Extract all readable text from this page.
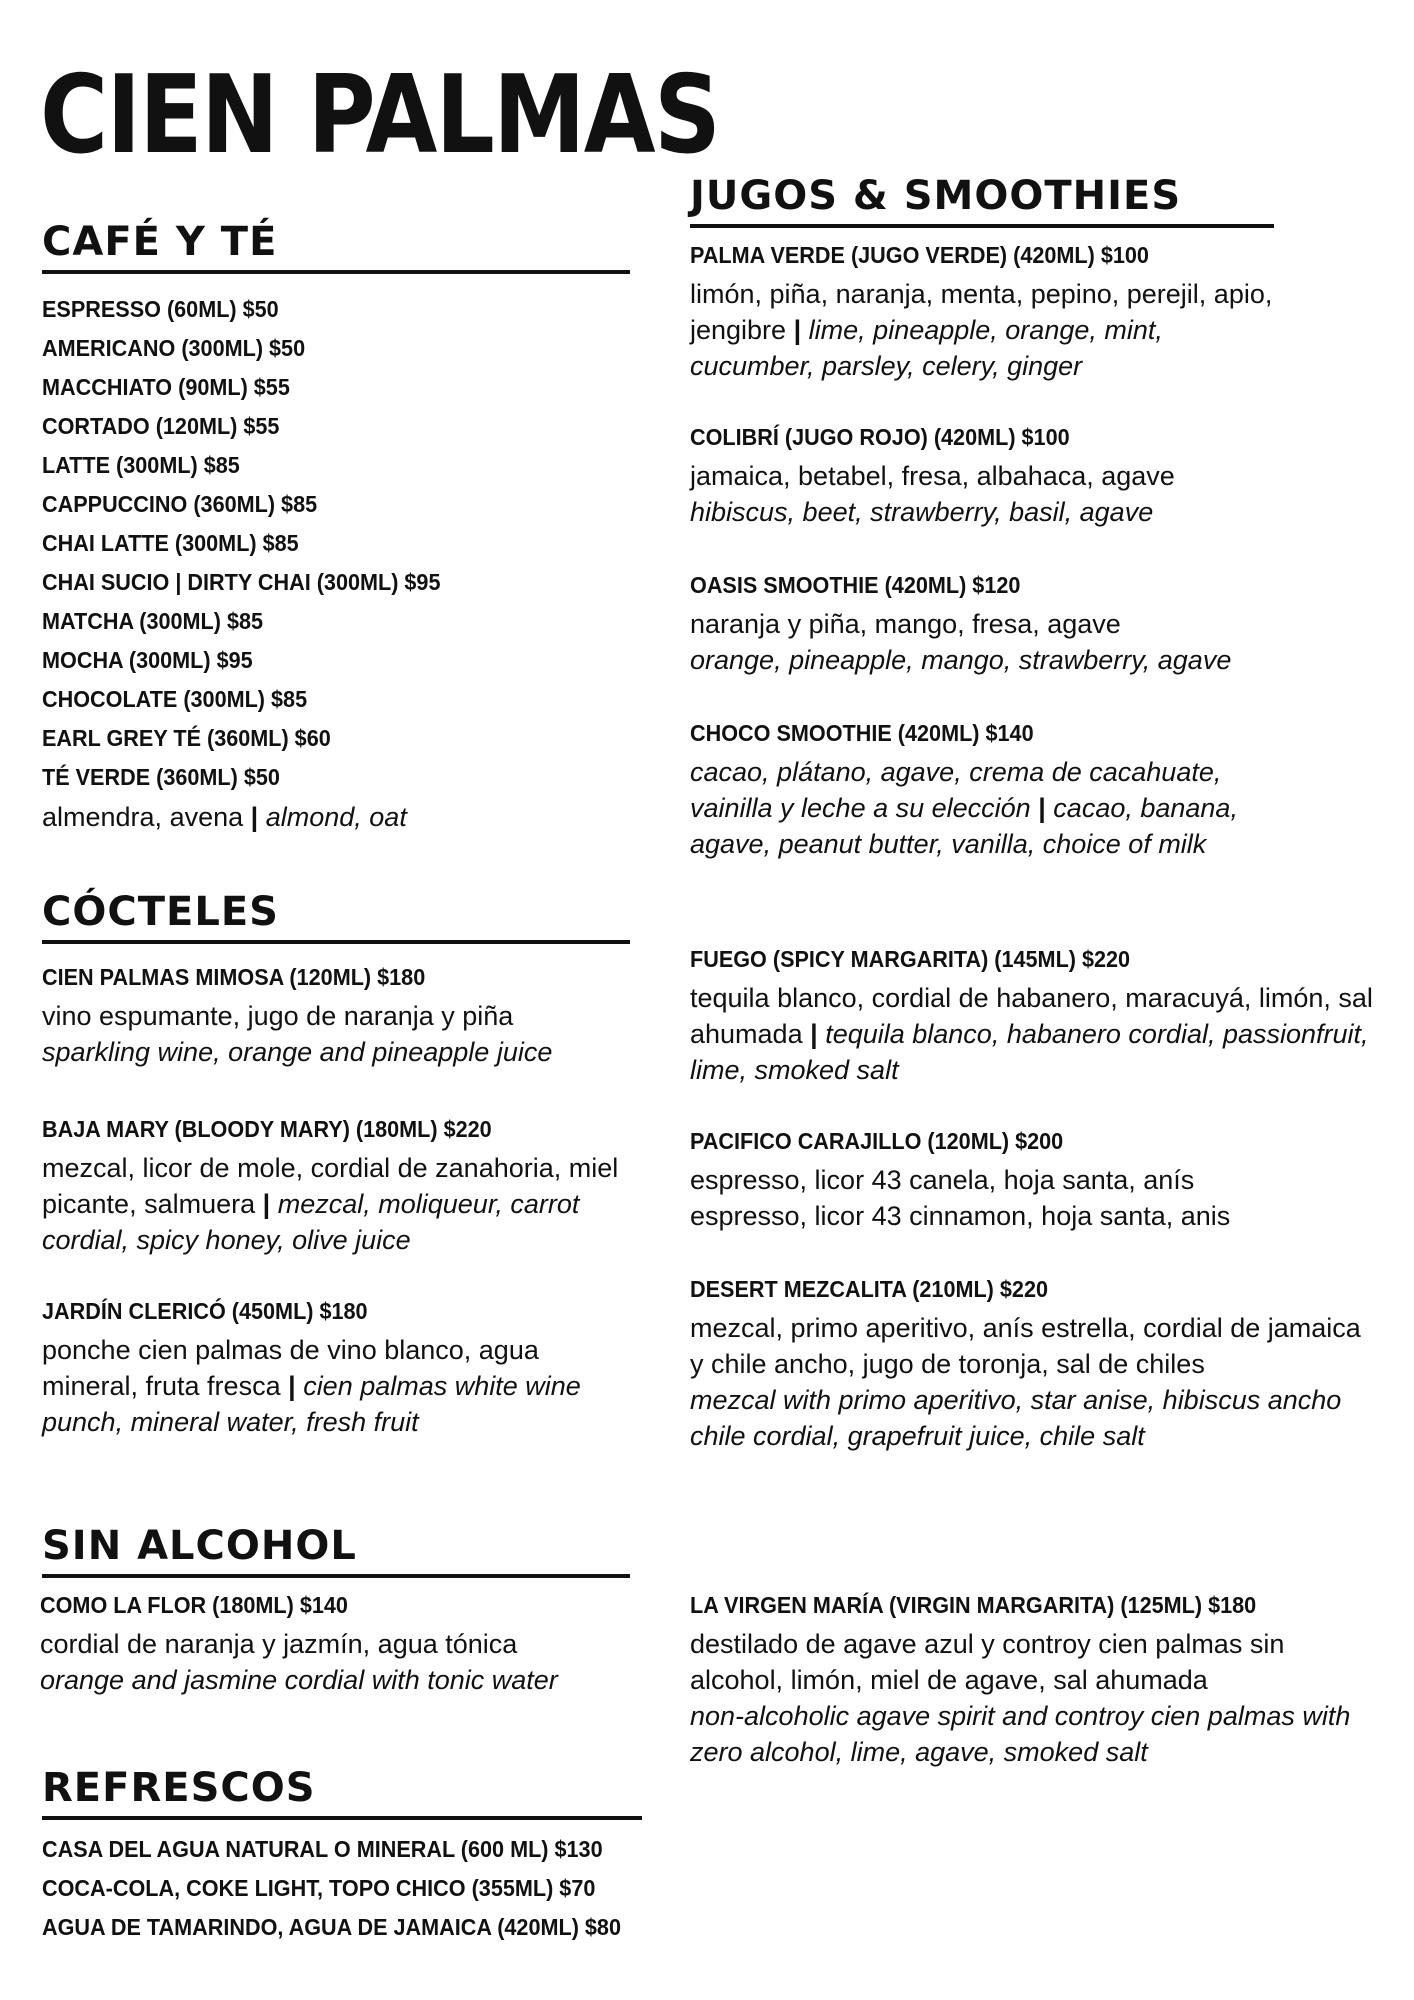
CIEN PALMAS
CAFÉ Y TÉ
ESPRESSO (60ML) $50
AMERICANO (300ML) $50
MACCHIATO (90ML) $55
CORTADO (120ML) $55
LATTE (300ML) $85
CAPPUCCINO (360ML) $85
CHAI LATTE (300ML) $85
CHAI SUCIO | DIRTY CHAI (300ML) $95
MATCHA (300ML) $85
MOCHA (300ML) $95
CHOCOLATE (300ML) $85
EARL GREY TÉ (360ML) $60
TÉ VERDE (360ML) $50
almendra, avena | almond, oat
CÓCTELES
CIEN PALMAS MIMOSA (120ML) $180
vino espumante, jugo de naranja y piña
sparkling wine, orange and pineapple juice
BAJA MARY (BLOODY MARY) (180ML) $220
mezcal, licor de mole, cordial de zanahoria, miel picante, salmuera | mezcal, moliqueur, carrot cordial, spicy honey, olive juice
JARDÍN CLERICÓ (450ML) $180
ponche cien palmas de vino blanco, agua mineral, fruta fresca | cien palmas white wine punch, mineral water, fresh fruit
JUGOS & SMOOTHIES
PALMA VERDE (JUGO VERDE) (420ML) $100
limón, piña, naranja, menta, pepino, perejil, apio, jengibre | lime, pineapple, orange, mint, cucumber, parsley, celery, ginger
COLIBRÍ (JUGO ROJO) (420ML) $100
jamaica, betabel, fresa, albahaca, agave
hibiscus, beet, strawberry, basil, agave
OASIS SMOOTHIE (420ML) $120
naranja y piña, mango, fresa, agave
orange, pineapple, mango, strawberry, agave
CHOCO SMOOTHIE (420ML) $140
cacao, plátano, agave, crema de cacahuate, vainilla y leche a su elección | cacao, banana, agave, peanut butter, vanilla, choice of milk
FUEGO (SPICY MARGARITA) (145ML) $220
tequila blanco, cordial de habanero, maracuyá, limón, sal ahumada | tequila blanco, habanero cordial, passionfruit, lime, smoked salt
PACIFICO CARAJILLO (120ML) $200
espresso, licor 43 canela, hoja santa, anís
espresso, licor 43 cinnamon, hoja santa, anis
DESERT MEZCALITA (210ML) $220
mezcal, primo aperitivo, anís estrella, cordial de jamaica y chile ancho, jugo de toronja, sal de chiles
mezcal with primo aperitivo, star anise, hibiscus ancho chile cordial, grapefruit juice, chile salt
SIN ALCOHOL
COMO LA FLOR (180ML) $140
cordial de naranja y jazmín, agua tónica
orange and jasmine cordial with tonic water
LA VIRGEN MARÍA (VIRGIN MARGARITA) (125ML) $180
destilado de agave azul y controy cien palmas sin alcohol, limón, miel de agave, sal ahumada
non-alcoholic agave spirit and controy cien palmas with zero alcohol, lime, agave, smoked salt
REFRESCOS
CASA DEL AGUA NATURAL O MINERAL (600 ML) $130
COCA-COLA, COKE LIGHT, TOPO CHICO (355ML) $70
AGUA DE TAMARINDO, AGUA DE JAMAICA (420ML) $80
